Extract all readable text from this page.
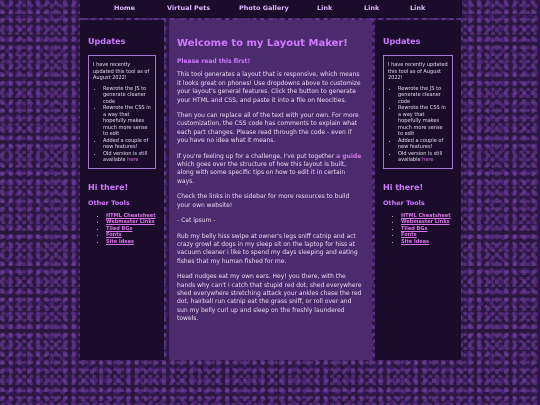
Home	Virtual Pets	Photo Gallery	Link	Link	Link
Updates

I have recently updated this tool as of August 2022!

• Rewrote the JS to generate cleaner code
• Rewrote the CSS in a way that hopefully makes much more sense to edit
• Added a couple of new features!
• Old version is still available here
Hi there!
Other Tools
• HTML Cheatsheet
• Webmaster Links
• Tiled BGs
• Fonts
• Site Ideas
Welcome to my Layout Maker!

Please read this first!

This tool generates a layout that is responsive, which means it looks great on phones! Use dropdowns above to customize your layout's general features. Click the button to generate your HTML and CSS, and paste it into a file on Neocities.

Then you can replace all of the text with your own. For more customization, the CSS code has comments to explain what each part changes. Please read through the code - even if you have no idea what it means.

If you're feeling up for a challenge, I've put together a guide which goes over the structure of how this layout is built, along with some specific tips on how to edit it in certain ways.

Check the links in the sidebar for more resources to build your own website!

- Cat ipsum -

Rub my belly hiss swipe at owner's legs sniff catnip and act crazy growl at dogs in my sleep sit on the laptop for hiss at vacuum cleaner i like to spend my days sleeping and eating fishes that my human fished for me.

Head nudges eat my own ears. Hey! you there, with the hands why can't i catch that stupid red dot, shed everywhere shed everywhere stretching attack your ankles chase the red dot, hairball run catnip eat the grass sniff, or roll over and sun my belly curl up and sleep on the freshly laundered towels.

Updates

I have recently updated this tool as of August 2022!

• Rewrote the JS to generate cleaner code
• Rewrote the CSS in a way that hopefully makes much more sense to edit
• Added a couple of new features!
• Old version is still available here
Hi there!
Other Tools
• HTML Cheatsheet
• Webmaster Links
• Tiled BGs
• Fonts
• Site Ideas
